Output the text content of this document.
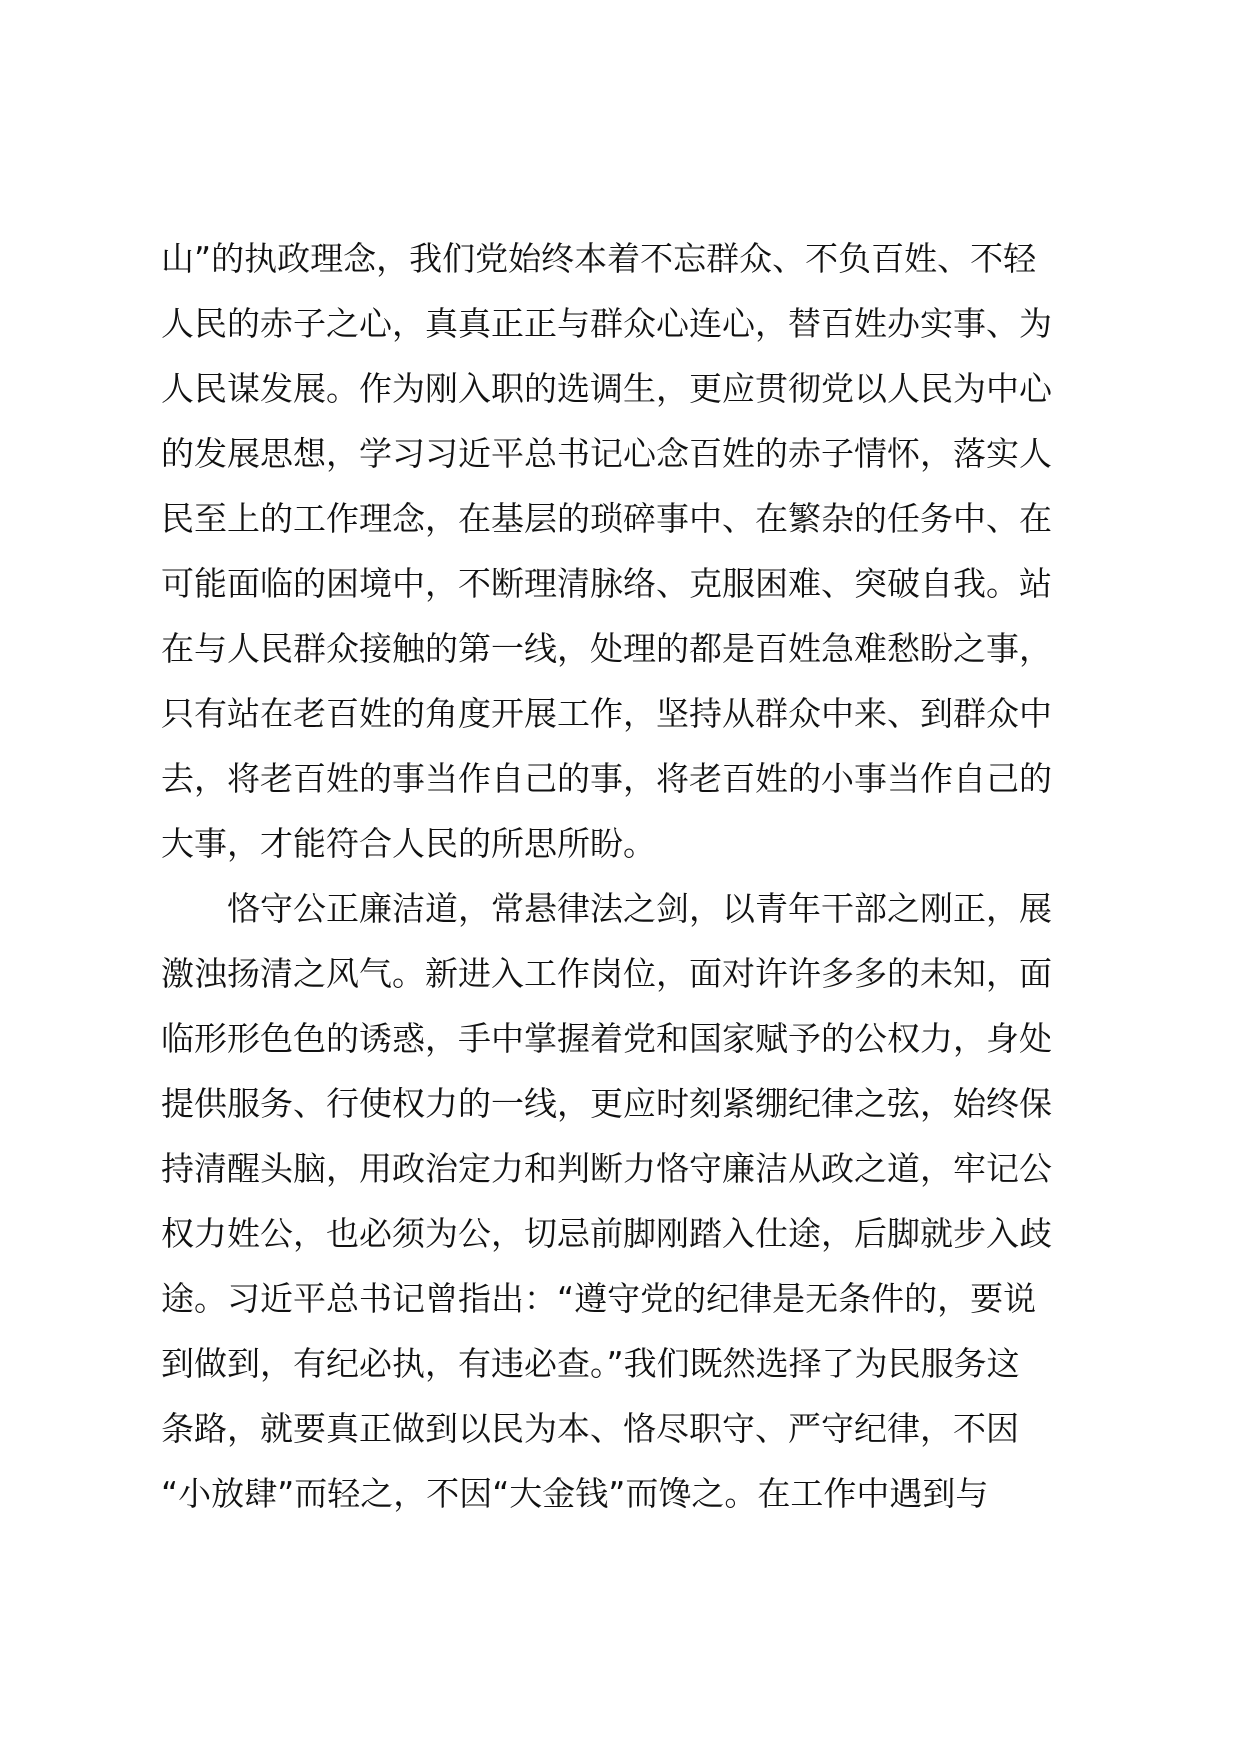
山”的执政理念，我们党始终本着不忘群众、不负百姓、不轻
人民的赤子之心，真真正正与群众心连心，替百姓办实事、为
人民谋发展。作为刚入职的选调生，更应贯彻党以人民为中心
的发展思想，学习习近平总书记心念百姓的赤子情怀，落实人
民至上的工作理念，在基层的琐碎事中、在繁杂的任务中、在
可能面临的困境中，不断理清脉络、克服困难、突破自我。站
在与人民群众接触的第一线，处理的都是百姓急难愁盼之事，
只有站在老百姓的角度开展工作，坚持从群众中来、到群众中
去，将老百姓的事当作自己的事，将老百姓的小事当作自己的
大事，才能符合人民的所思所盼。
　　恪守公正廉洁道，常悬律法之剑，以青年干部之刚正，展
激浊扬清之风气。新进入工作岗位，面对许许多多的未知，面
临形形色色的诱惑，手中掌握着党和国家赋予的公权力，身处
提供服务、行使权力的一线，更应时刻紧绷纪律之弦，始终保
持清醒头脑，用政治定力和判断力恪守廉洁从政之道，牢记公
权力姓公，也必须为公，切忌前脚刚踏入仕途，后脚就步入歧
途。习近平总书记曾指出：“遵守党的纪律是无条件的，要说
到做到，有纪必执，有违必查。”我们既然选择了为民服务这
条路，就要真正做到以民为本、恪尽职守、严守纪律，不因
“小放肆”而轻之，不因“大金钱”而馋之。在工作中遇到与
